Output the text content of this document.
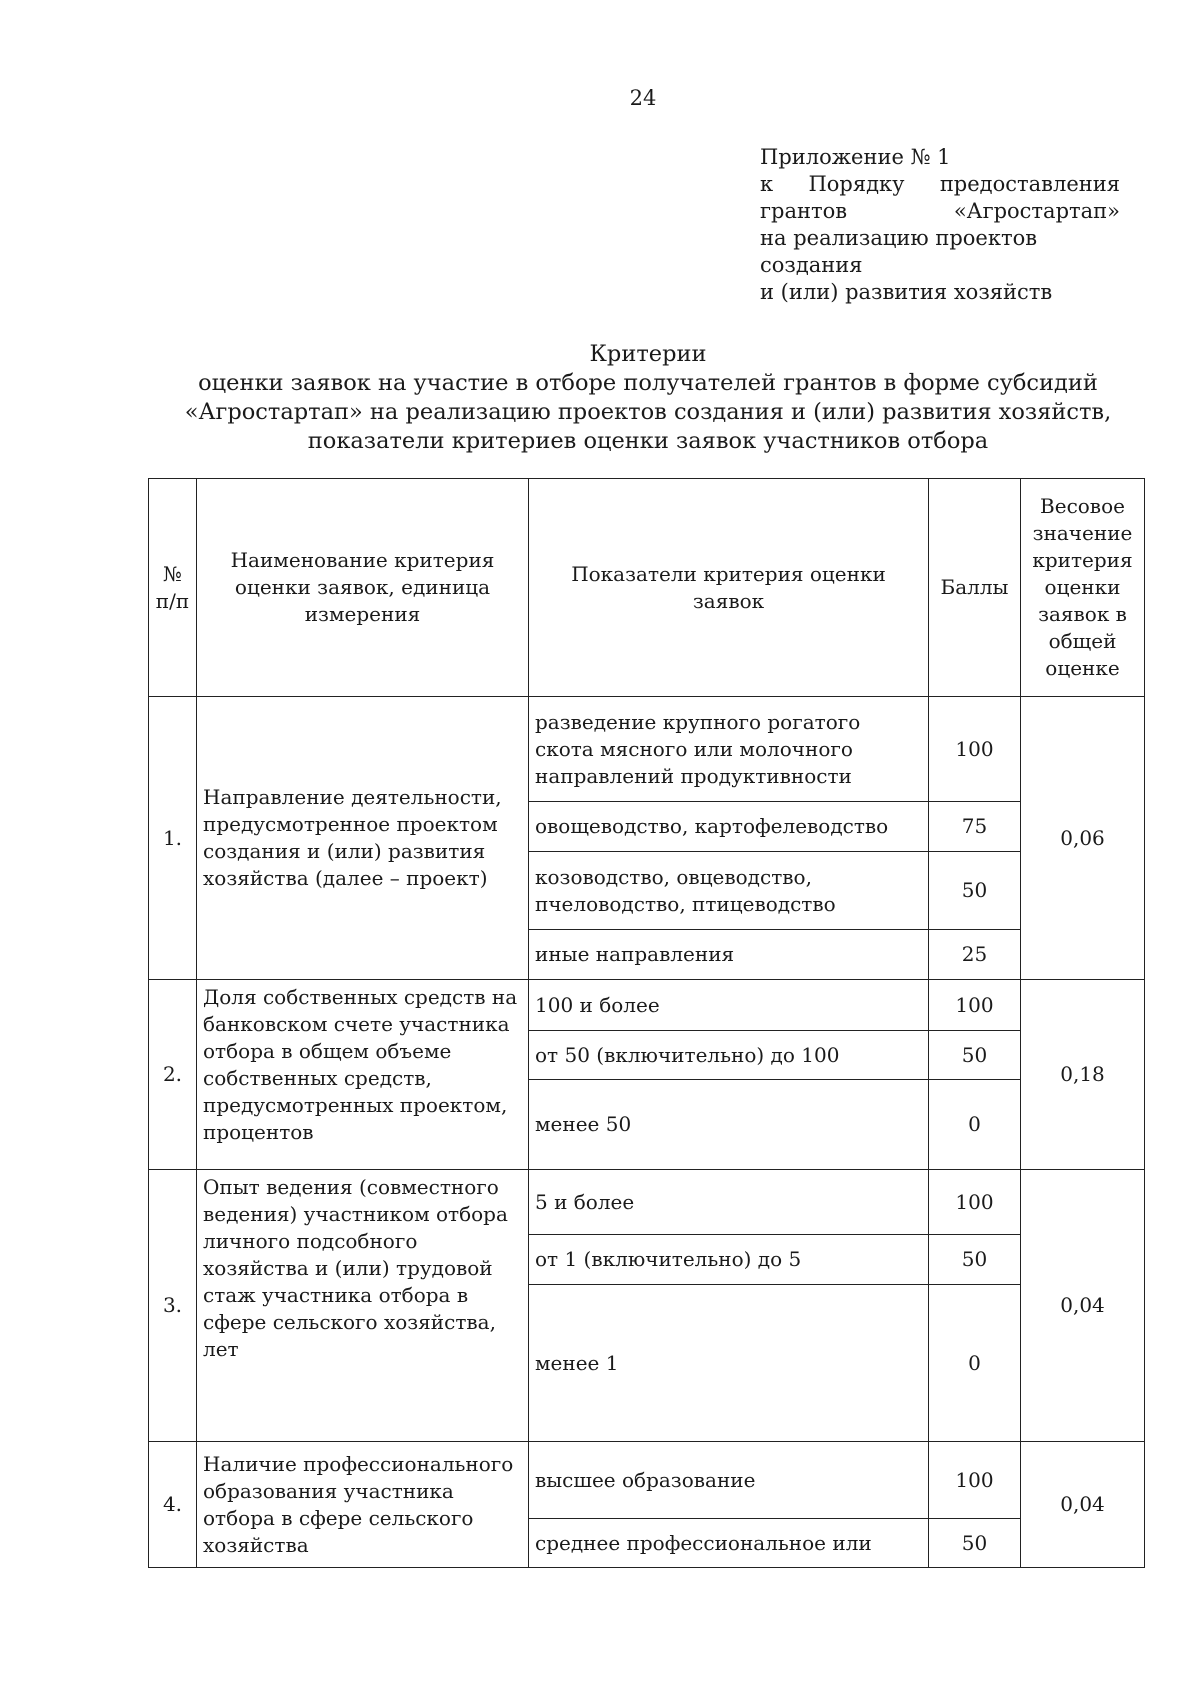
24
Приложение № 1
к Порядку предоставления
грантов «Агростартап»
на реализацию проектов создания
и (или) развития хозяйств
Критерии
оценки заявок на участие в отборе получателей грантов в форме субсидий
«Агростартап» на реализацию проектов создания и (или) развития хозяйств,
показатели критериев оценки заявок участников отбора
№ п/п	Наименование критерия оценки заявок, единица измерения	Показатели критерия оценки заявок	Баллы	Весовое значение критерия оценки заявок в общей оценке
1.	Направление деятельности, предусмотренное проектом создания и (или) развития хозяйства (далее – проект)	разведение крупного рогатого скота мясного или молочного направлений продуктивности	100	0,06
		овощеводство, картофелеводство	75	
		козоводство, овцеводство, пчеловодство, птицеводство	50	
		иные направления	25	
2.	Доля собственных средств на банковском счете участника отбора в общем объеме собственных средств, предусмотренных проектом, процентов	100 и более	100	0,18
		от 50 (включительно) до 100	50	
		менее 50	0	
3.	Опыт ведения (совместного ведения) участником отбора личного подсобного хозяйства и (или) трудовой стаж участника отбора в сфере сельского хозяйства, лет	5 и более	100	0,04
		от 1 (включительно) до 5	50	
		менее 1	0	
4.	Наличие профессионального образования участника отбора в сфере сельского хозяйства	высшее образование	100	0,04
		среднее профессиональное или	50	
